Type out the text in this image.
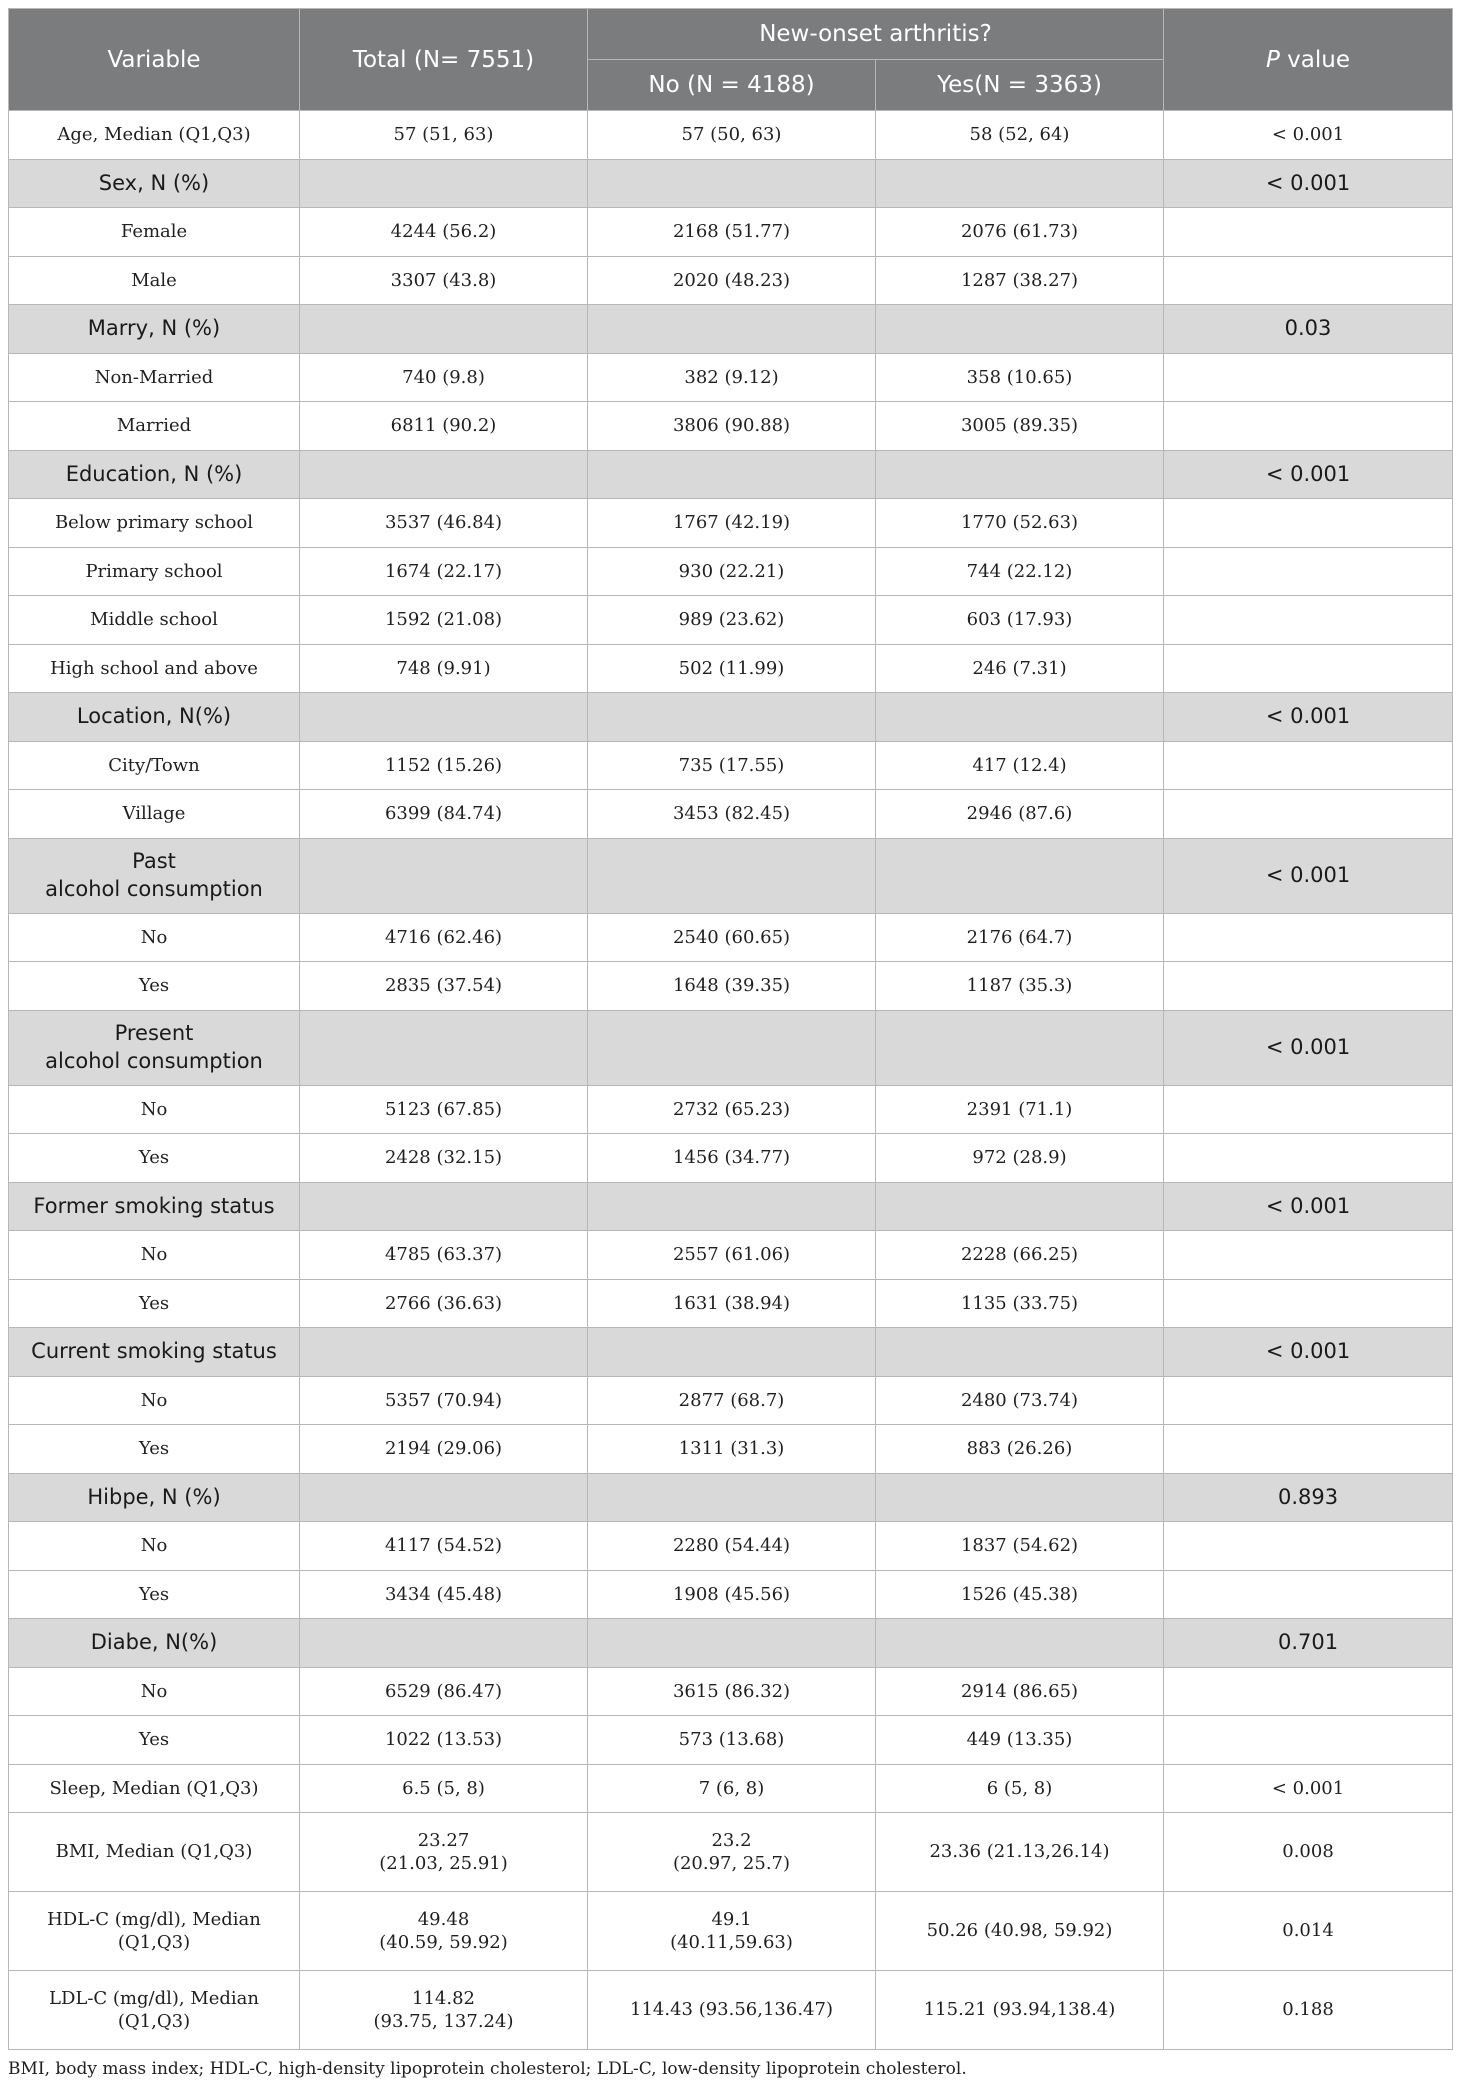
Variable	Total (N= 7551)	New-onset arthritis?		P value
		No (N = 4188)	Yes(N = 3363)	
Age, Median (Q1,Q3)	57 (51, 63)	57 (50, 63)	58 (52, 64)	< 0.001
Sex, N (%)				< 0.001
Female	4244 (56.2)	2168 (51.77)	2076 (61.73)	
Male	3307 (43.8)	2020 (48.23)	1287 (38.27)	
Marry, N (%)				0.03
Non-Married	740 (9.8)	382 (9.12)	358 (10.65)	
Married	6811 (90.2)	3806 (90.88)	3005 (89.35)	
Education, N (%)				< 0.001
Below primary school	3537 (46.84)	1767 (42.19)	1770 (52.63)	
Primary school	1674 (22.17)	930 (22.21)	744 (22.12)	
Middle school	1592 (21.08)	989 (23.62)	603 (17.93)	
High school and above	748 (9.91)	502 (11.99)	246 (7.31)	
Location, N(%)				< 0.001
City/Town	1152 (15.26)	735 (17.55)	417 (12.4)	
Village	6399 (84.74)	3453 (82.45)	2946 (87.6)	

Past
alcohol consumption				< 0.001
No	4716 (62.46)	2540 (60.65)	2176 (64.7)	
Yes	2835 (37.54)	1648 (39.35)	1187 (35.3)	

Present
alcohol consumption				< 0.001
No	5123 (67.85)	2732 (65.23)	2391 (71.1)	
Yes	2428 (32.15)	1456 (34.77)	972 (28.9)	
Former smoking status				< 0.001
No	4785 (63.37)	2557 (61.06)	2228 (66.25)	
Yes	2766 (36.63)	1631 (38.94)	1135 (33.75)	
Current smoking status				< 0.001
No	5357 (70.94)	2877 (68.7)	2480 (73.74)	
Yes	2194 (29.06)	1311 (31.3)	883 (26.26)	
Hibpe, N (%)				0.893
No	4117 (54.52)	2280 (54.44)	1837 (54.62)	
Yes	3434 (45.48)	1908 (45.56)	1526 (45.38)	
Diabe, N(%)				0.701
No	6529 (86.47)	3615 (86.32)	2914 (86.65)	
Yes	1022 (13.53)	573 (13.68)	449 (13.35)	
Sleep, Median (Q1,Q3)	6.5 (5, 8)	7 (6, 8)	6 (5, 8)	< 0.001
BMI, Median (Q1,Q3)	23.27
(21.03, 25.91)	23.2
(20.97, 25.7)	23.36 (21.13,26.14)	0.008

HDL-C (mg/dl), Median
(Q1,Q3)	49.48
(40.59, 59.92)	49.1
(40.11,59.63)	50.26 (40.98, 59.92)	0.014

LDL-C (mg/dl), Median
(Q1,Q3)	114.82
(93.75, 137.24)	114.43 (93.56,136.47)	115.21 (93.94,138.4)	0.188
BMI, body mass index; HDL-C, high-density lipoprotein cholesterol; LDL-C, low-density lipoprotein cholesterol.
